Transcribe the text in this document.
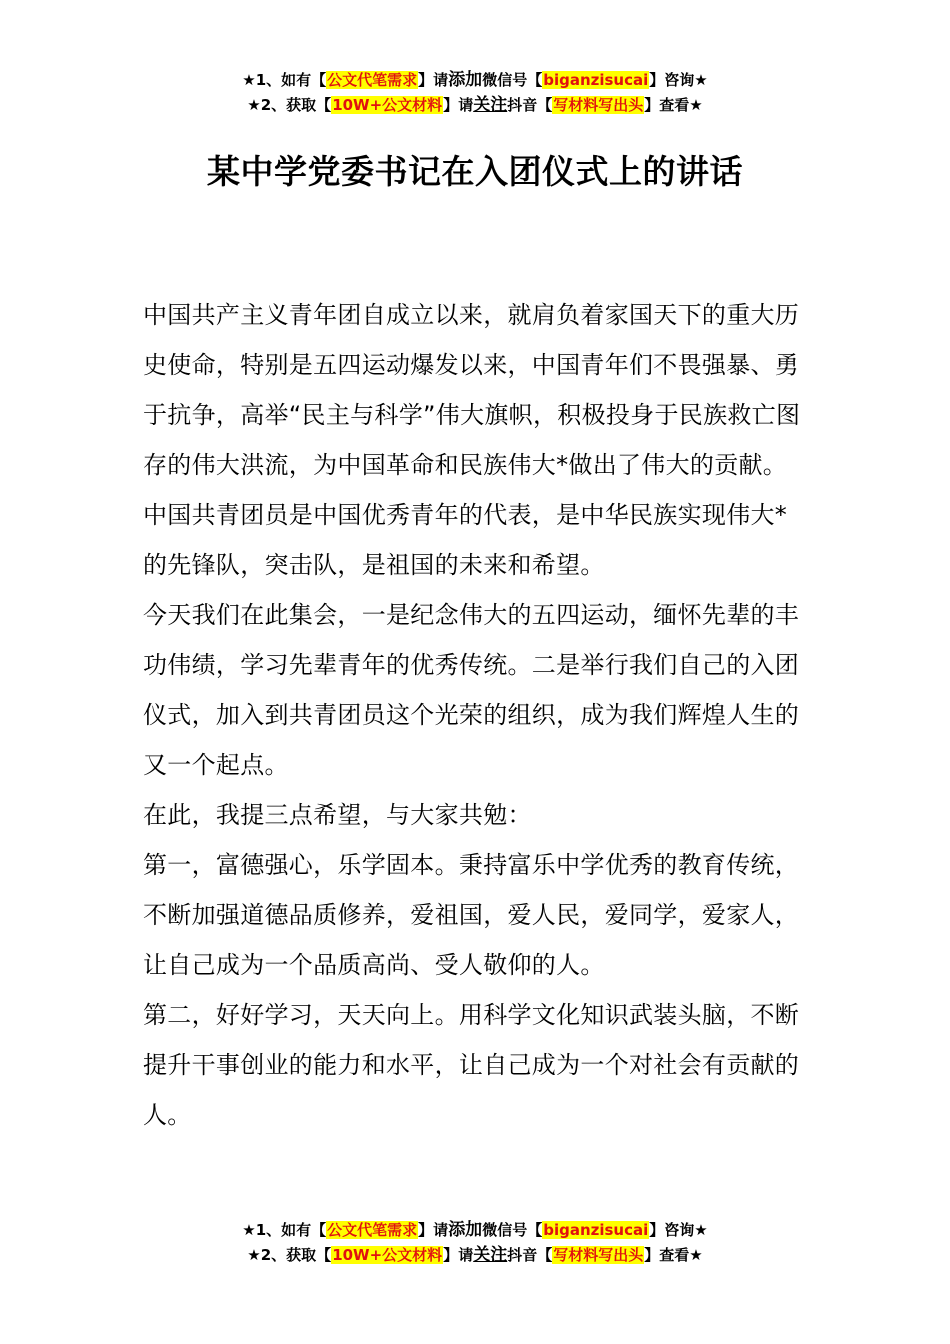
★1、如有【公文代笔需求】请添加微信号【biganzisucai】咨询★
★2、获取【10W+公文材料】请关注抖音【写材料写出头】查看★
某中学党委书记在入团仪式上的讲话

中国共产主义青年团自成立以来，就肩负着家国天下的重大历史使命，特别是五四运动爆发以来，中国青年们不畏强暴、勇于抗争，高举“民主与科学”伟大旗帜，积极投身于民族救亡图存的伟大洪流，为中国革命和民族伟大*做出了伟大的贡献。

中国共青团员是中国优秀青年的代表，是中华民族实现伟大*的先锋队，突击队，是祖国的未来和希望。

今天我们在此集会，一是纪念伟大的五四运动，缅怀先辈的丰功伟绩，学习先辈青年的优秀传统。二是举行我们自己的入团仪式，加入到共青团员这个光荣的组织，成为我们辉煌人生的又一个起点。

在此，我提三点希望，与大家共勉：

第一，富德强心，乐学固本。秉持富乐中学优秀的教育传统，不断加强道德品质修养，爱祖国，爱人民，爱同学，爱家人，让自己成为一个品质高尚、受人敬仰的人。

第二，好好学习，天天向上。用科学文化知识武装头脑，不断提升干事创业的能力和水平，让自己成为一个对社会有贡献的人。

★1、如有【公文代笔需求】请添加微信号【biganzisucai】咨询★
★2、获取【10W+公文材料】请关注抖音【写材料写出头】查看★
